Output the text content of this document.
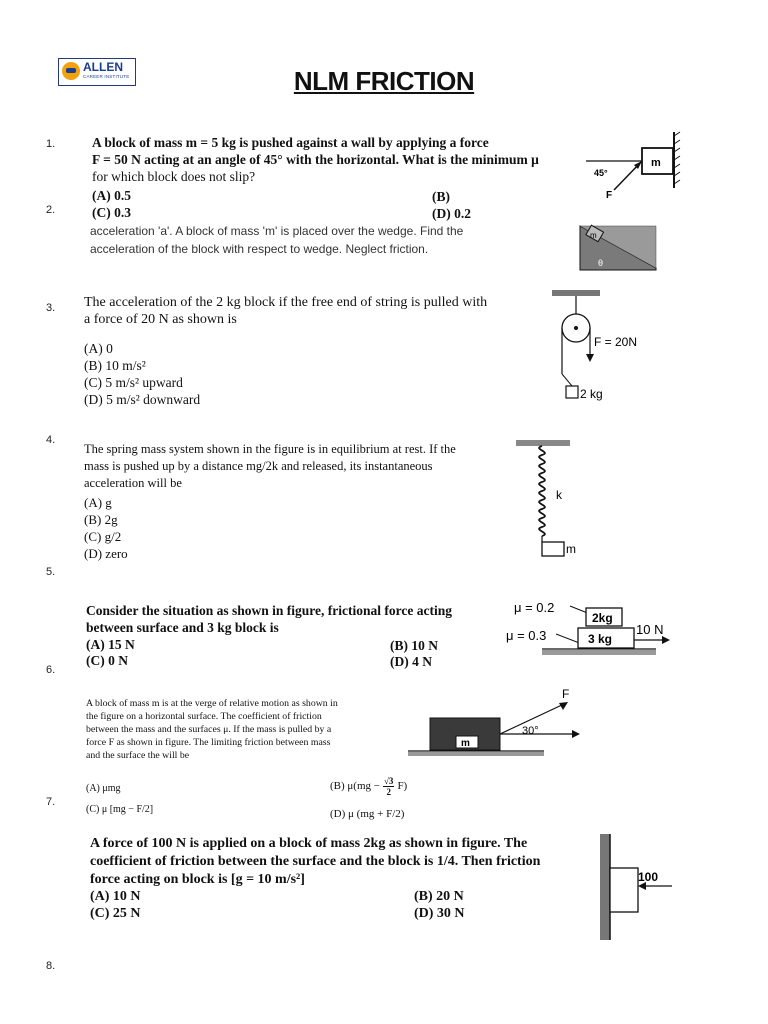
ALLEN
CAREER INSTITUTE	NLM FRICTION
1.
2.
3.
4.
5.
6.
7.
8.
A block of mass m = 5 kg is pushed against a wall by applying a force
F = 50 N acting at an angle of 45° with the horizontal. What is the minimum μ
for which block does not slip?
(A) 0.5	(B)
(C) 0.3	(D) 0.2
m
45°
F
acceleration 'a'. A block of mass 'm' is placed over the wedge. Find the
acceleration of the block with respect to wedge. Neglect friction.
m
θ
The acceleration of the 2 kg block if the free end of string is pulled with
a force of 20 N as shown is
(A) 0
(B) 10 m/s²
(C) 5 m/s² upward
(D) 5 m/s² downward
F = 20N
2 kg
The spring mass system shown in the figure is in equilibrium at rest. If the
mass is pushed up by a distance mg/2k and released, its instantaneous
acceleration will be
(A) g
(B) 2g
(C) g/2
(D) zero
k
m
Consider the situation as shown in figure, frictional force acting
between surface and 3 kg block is
(A) 15 N	(B) 10 N
(C) 0 N	(D) 4 N
μ = 0.2
μ = 0.3
2kg
3 kg
10 N
A block of mass m is at the verge of relative motion as shown in
the figure on a horizontal surface. The coefficient of friction
between the mass and the surfaces μ. If the mass is pulled by a
force F as shown in figure. The limiting friction between mass
and the surface the will be
(A) μmg	(B) $\mu(mg - \frac{√3}{2} F)$
(C) μ [mg − F/2]	(D) μ (mg + F/2)
m
F
30°
A force of 100 N is applied on a block of mass 2kg as shown in figure. The
coefficient of friction between the surface and the block is 1/4. Then friction
force acting on block is [g = 10 m/s²]
(A) 10 N	(B) 20 N
(C) 25 N	(D) 30 N
100
